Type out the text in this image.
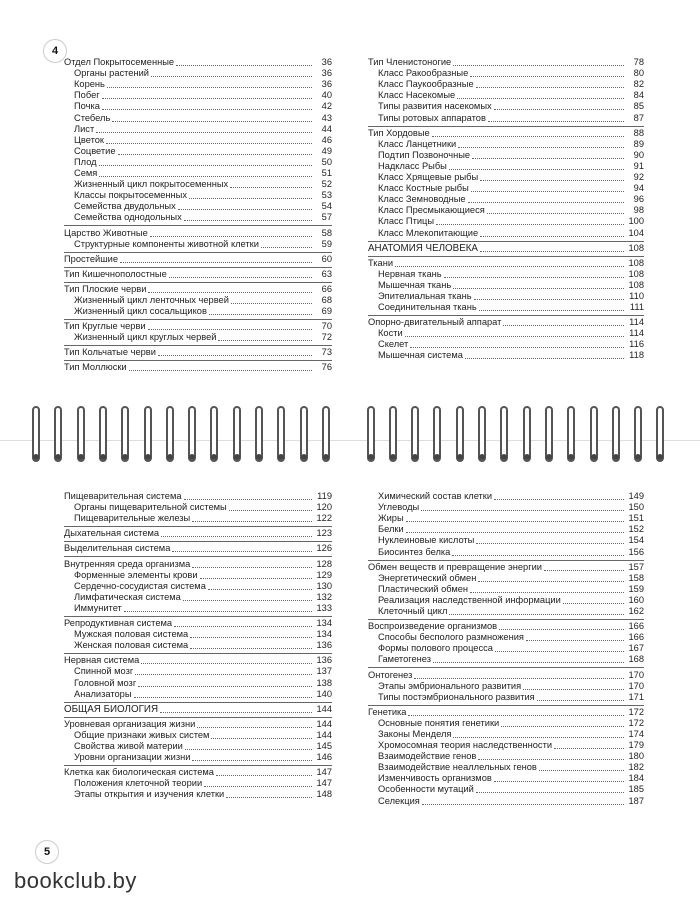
4
Отдел Покрытосеменные	36
Органы растений	36
Корень	36
Побег	40
Почка	42
Стебель	43
Лист	44
Цветок	46
Соцветие	49
Плод	50
Семя	51
Жизненный цикл покрытосеменных	52
Классы покрытосеменных	53
Семейства двудольных	54
Семейства однодольных	57
Царство Животные	58
Структурные компоненты животной клетки	59
Простейшие	60
Тип Кишечнополостные	63
Тип Плоские черви	66
Жизненный цикл ленточных червей	68
Жизненный цикл сосальщиков	69
Тип Круглые черви	70
Жизненный цикл круглых червей	72
Тип Кольчатые черви	73
Тип Моллюски	76
Тип Членистоногие	78
Класс Ракообразные	80
Класс Паукообразные	82
Класс Насекомые	84
Типы развития насекомых	85
Типы ротовых аппаратов	87
Тип Хордовые	88
Класс Ланцетники	89
Подтип Позвоночные	90
Надкласс Рыбы	91
Класс Хрящевые рыбы	92
Класс Костные рыбы	94
Класс Земноводные	96
Класс Пресмыкающиеся	98
Класс Птицы	100
Класс Млекопитающие	104
АНАТОМИЯ ЧЕЛОВЕКА	108
Ткани	108
Нервная ткань	108
Мышечная ткань	108
Эпителиальная ткань	110
Соединительная ткань	111
Опорно-двигательный аппарат	114
Кости	114
Скелет	116
Мышечная система	118
Пищеварительная система	119
Органы пищеварительной системы	120
Пищеварительные железы	122
Дыхательная система	123
Выделительная система	126
Внутренняя среда организма	128
Форменные элементы крови	129
Сердечно-сосудистая система	130
Лимфатическая система	132
Иммунитет	133
Репродуктивная система	134
Мужская половая система	134
Женская половая система	136
Нервная система	136
Спинной мозг	137
Головной мозг	138
Анализаторы	140
ОБЩАЯ БИОЛОГИЯ	144
Уровневая организация жизни	144
Общие признаки живых систем	144
Свойства живой материи	145
Уровни организации жизни	146
Клетка как биологическая система	147
Положения клеточной теории	147
Этапы открытия и изучения клетки	148
Химический состав клетки	149
Углеводы	150
Жиры	151
Белки	152
Нуклеиновые кислоты	154
Биосинтез белка	156
Обмен веществ и превращение энергии	157
Энергетический обмен	158
Пластический обмен	159
Реализация наследственной информации	160
Клеточный цикл	162
Воспроизведение организмов	166
Способы бесполого размножения	166
Формы полового процесса	167
Гаметогенез	168
Онтогенез	170
Этапы эмбрионального развития	170
Типы постэмбрионального развития	171
Генетика	172
Основные понятия генетики	172
Законы Менделя	174
Хромосомная теория наследственности	179
Взаимодействие генов	180
Взаимодействие неаллельных генов	182
Изменчивость организмов	184
Особенности мутаций	185
Селекция	187
5
bookclub.by
